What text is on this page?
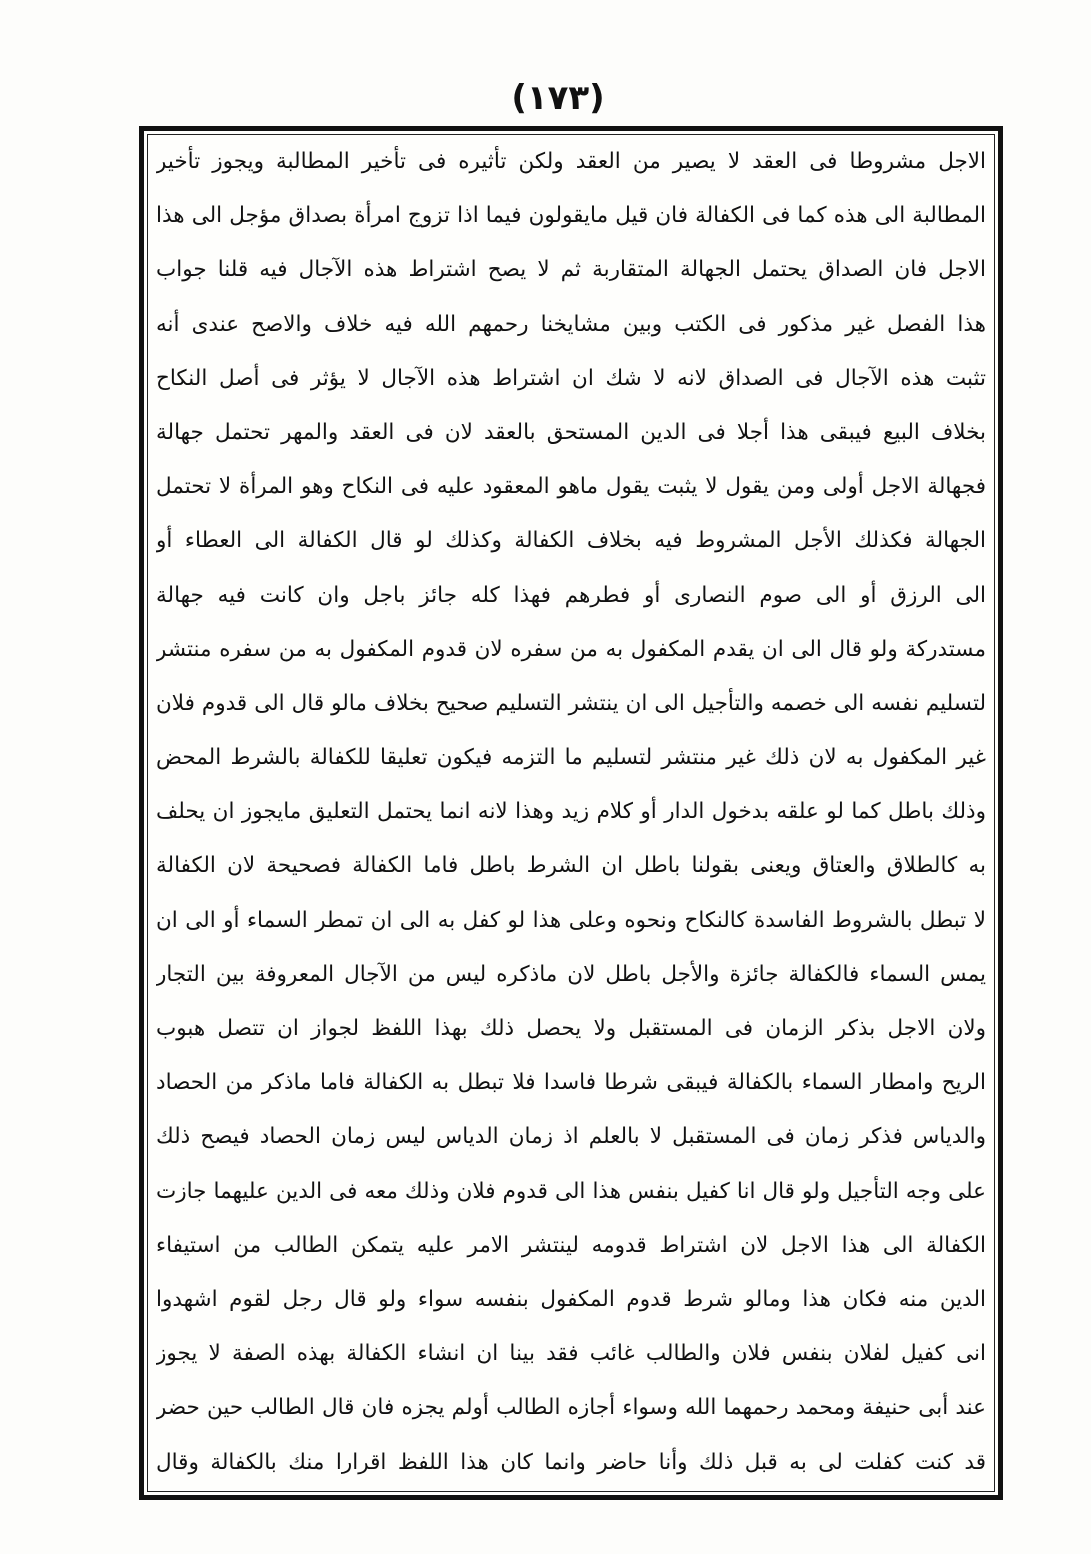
(١٧٣)
الاجل مشروطا فى العقد لا يصير من العقد ولكن تأثيره فى تأخير المطالبة ويجوز تأخير
المطالبة الى هذه كما فى الكفالة فان قيل مايقولون فيما اذا تزوج امرأة بصداق مؤجل الى هذا
الاجل فان الصداق يحتمل الجهالة المتقاربة ثم لا يصح اشتراط هذه الآجال فيه قلنا جواب
هذا الفصل غير مذكور فى الكتب وبين مشايخنا رحمهم الله فيه خلاف والاصح عندى أنه
تثبت هذه الآجال فى الصداق لانه لا شك ان اشتراط هذه الآجال لا يؤثر فى أصل النكاح
بخلاف البيع فيبقى هذا أجلا فى الدين المستحق بالعقد لان فى العقد والمهر تحتمل جهالة
فجهالة الاجل أولى ومن يقول لا يثبت يقول ماهو المعقود عليه فى النكاح وهو المرأة لا تحتمل
الجهالة فكذلك الأجل المشروط فيه بخلاف الكفالة وكذلك لو قال الكفالة الى العطاء أو
الى الرزق أو الى صوم النصارى أو فطرهم فهذا كله جائز باجل وان كانت فيه جهالة
مستدركة ولو قال الى ان يقدم المكفول به من سفره لان قدوم المكفول به من سفره منتشر
لتسليم نفسه الى خصمه والتأجيل الى ان ينتشر التسليم صحيح بخلاف مالو قال الى قدوم فلان
غير المكفول به لان ذلك غير منتشر لتسليم ما التزمه فيكون تعليقا للكفالة بالشرط المحض
وذلك باطل كما لو علقه بدخول الدار أو كلام زيد وهذا لانه انما يحتمل التعليق مايجوز ان يحلف
به كالطلاق والعتاق ويعنى بقولنا باطل ان الشرط باطل فاما الكفالة فصحيحة لان الكفالة
لا تبطل بالشروط الفاسدة كالنكاح ونحوه وعلى هذا لو كفل به الى ان تمطر السماء أو الى ان
يمس السماء فالكفالة جائزة والأجل باطل لان ماذكره ليس من الآجال المعروفة بين التجار
ولان الاجل بذكر الزمان فى المستقبل ولا يحصل ذلك بهذا اللفظ لجواز ان تتصل هبوب
الريح وامطار السماء بالكفالة فيبقى شرطا فاسدا فلا تبطل به الكفالة فاما ماذكر من الحصاد
والدياس فذكر زمان فى المستقبل لا بالعلم اذ زمان الدياس ليس زمان الحصاد فيصح ذلك
على وجه التأجيل ولو قال انا كفيل بنفس هذا الى قدوم فلان وذلك معه فى الدين عليهما جازت
الكفالة الى هذا الاجل لان اشتراط قدومه لينتشر الامر عليه يتمكن الطالب من استيفاء
الدين منه فكان هذا ومالو شرط قدوم المكفول بنفسه سواء ولو قال رجل لقوم اشهدوا
انى كفيل لفلان بنفس فلان والطالب غائب فقد بينا ان انشاء الكفالة بهذه الصفة لا يجوز
عند أبى حنيفة ومحمد رحمهما الله وسواء أجازه الطالب أولم يجزه فان قال الطالب حين حضر
قد كنت كفلت لى به قبل ذلك وأنا حاضر وانما كان هذا اللفظ اقرارا منك بالكفالة وقال
